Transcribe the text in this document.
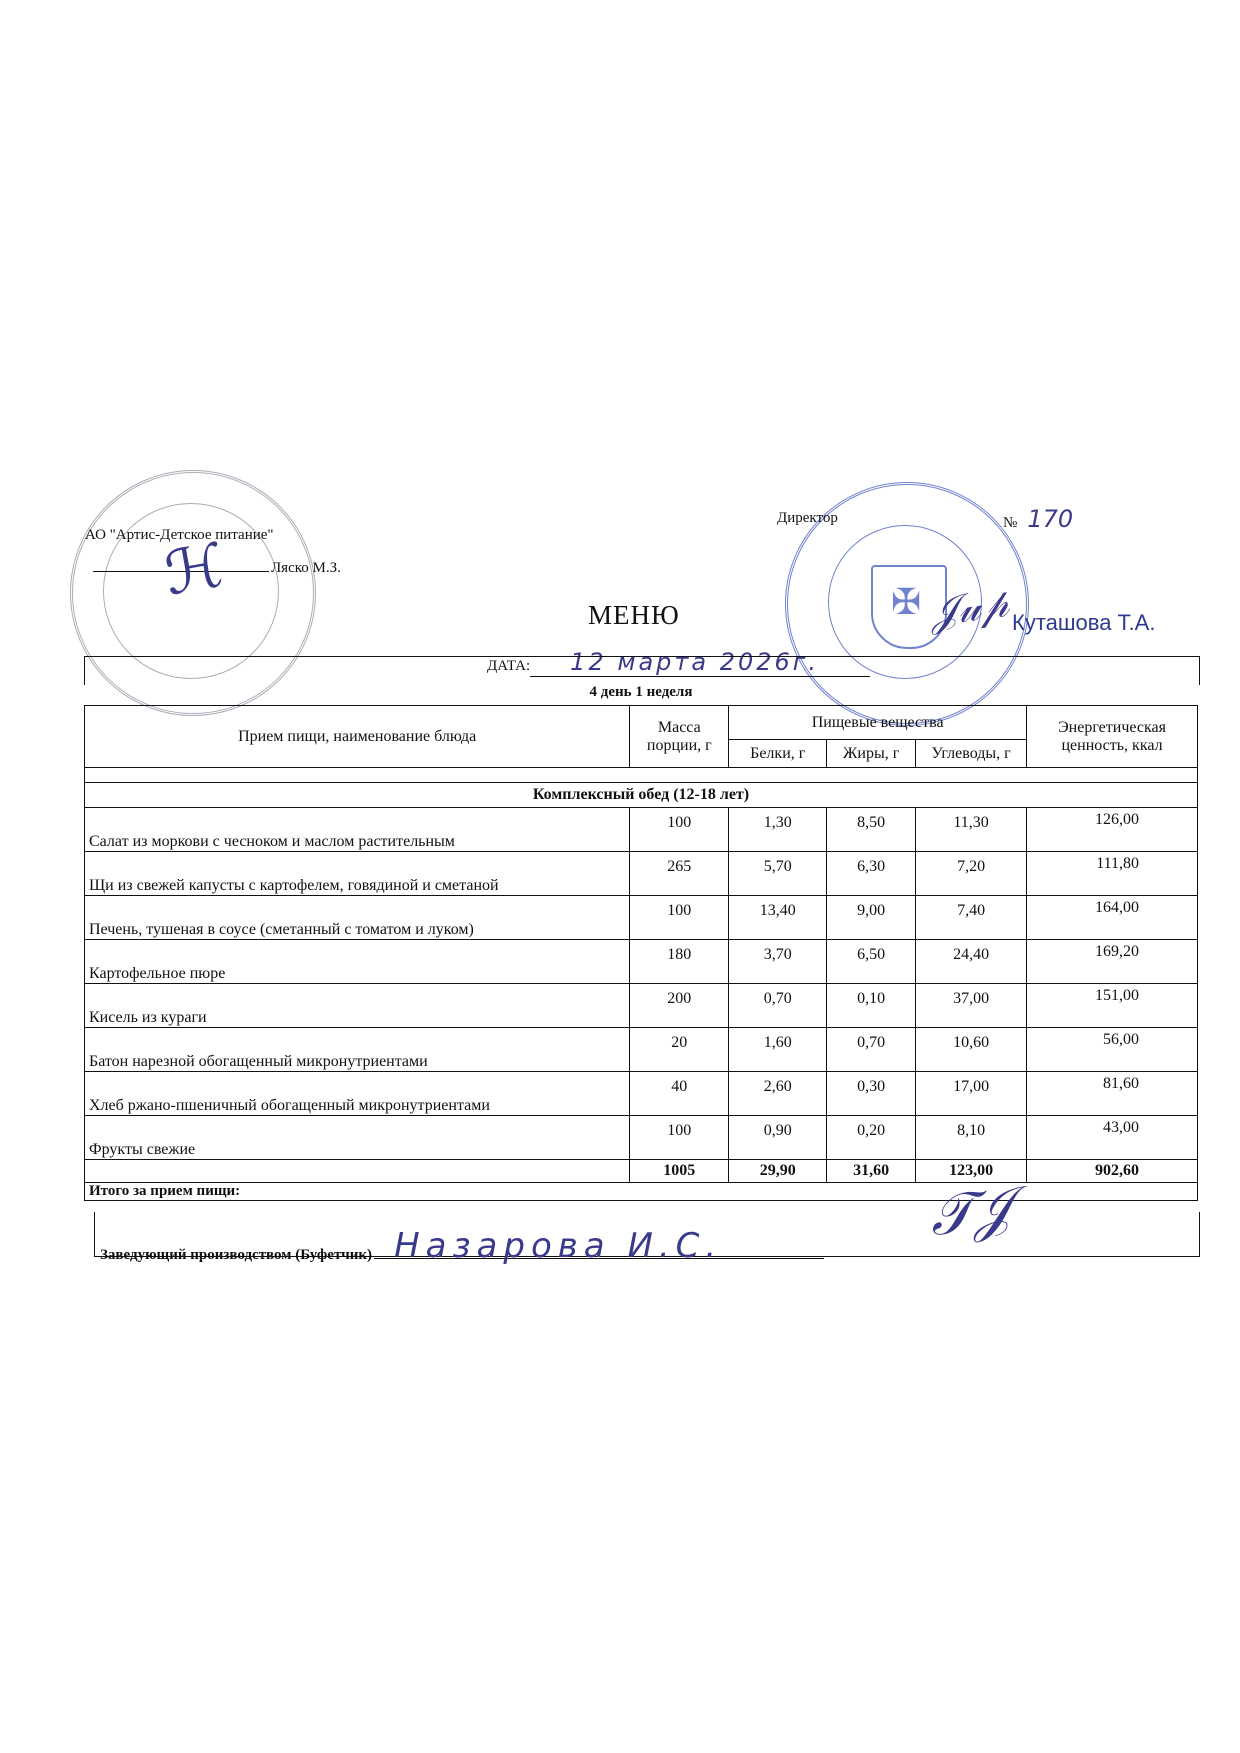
✠
АО "Артис-Детское питание"
Ляско М.З.
ℋ
Директор	№ 170
𝒥𝓊𝓅 Куташова Т.А.
МЕНЮ
ДАТА: 12 марта 2026г.
4 день 1 неделя
Прием пищи, наименование блюда	Масса порции, г	Пищевые вещества			Энергетическая ценность, ккал
		Белки, г	Жиры, г	Углеводы, г	

Комплексный обед (12-18 лет)					
Салат из моркови с чесноком и маслом растительным	100	1,30	8,50	11,30	126,00
Щи из свежей капусты с картофелем, говядиной и сметаной	265	5,70	6,30	7,20	111,80
Печень, тушеная в соусе (сметанный с томатом и луком)	100	13,40	9,00	7,40	164,00
Картофельное пюре	180	3,70	6,50	24,40	169,20
Кисель из кураги	200	0,70	0,10	37,00	151,00
Батон нарезной обогащенный микронутриентами	20	1,60	0,70	10,60	56,00
Хлеб ржано-пшеничный обогащенный микронутриентами	40	2,60	0,30	17,00	81,60
Фрукты свежие	100	0,90	0,20	8,10	43,00
	1005	29,90	31,60	123,00	902,60
Итого за прием пищи:						𝒯𝒥
Заведующий производством (Буфетчик) Назарова И.С.
